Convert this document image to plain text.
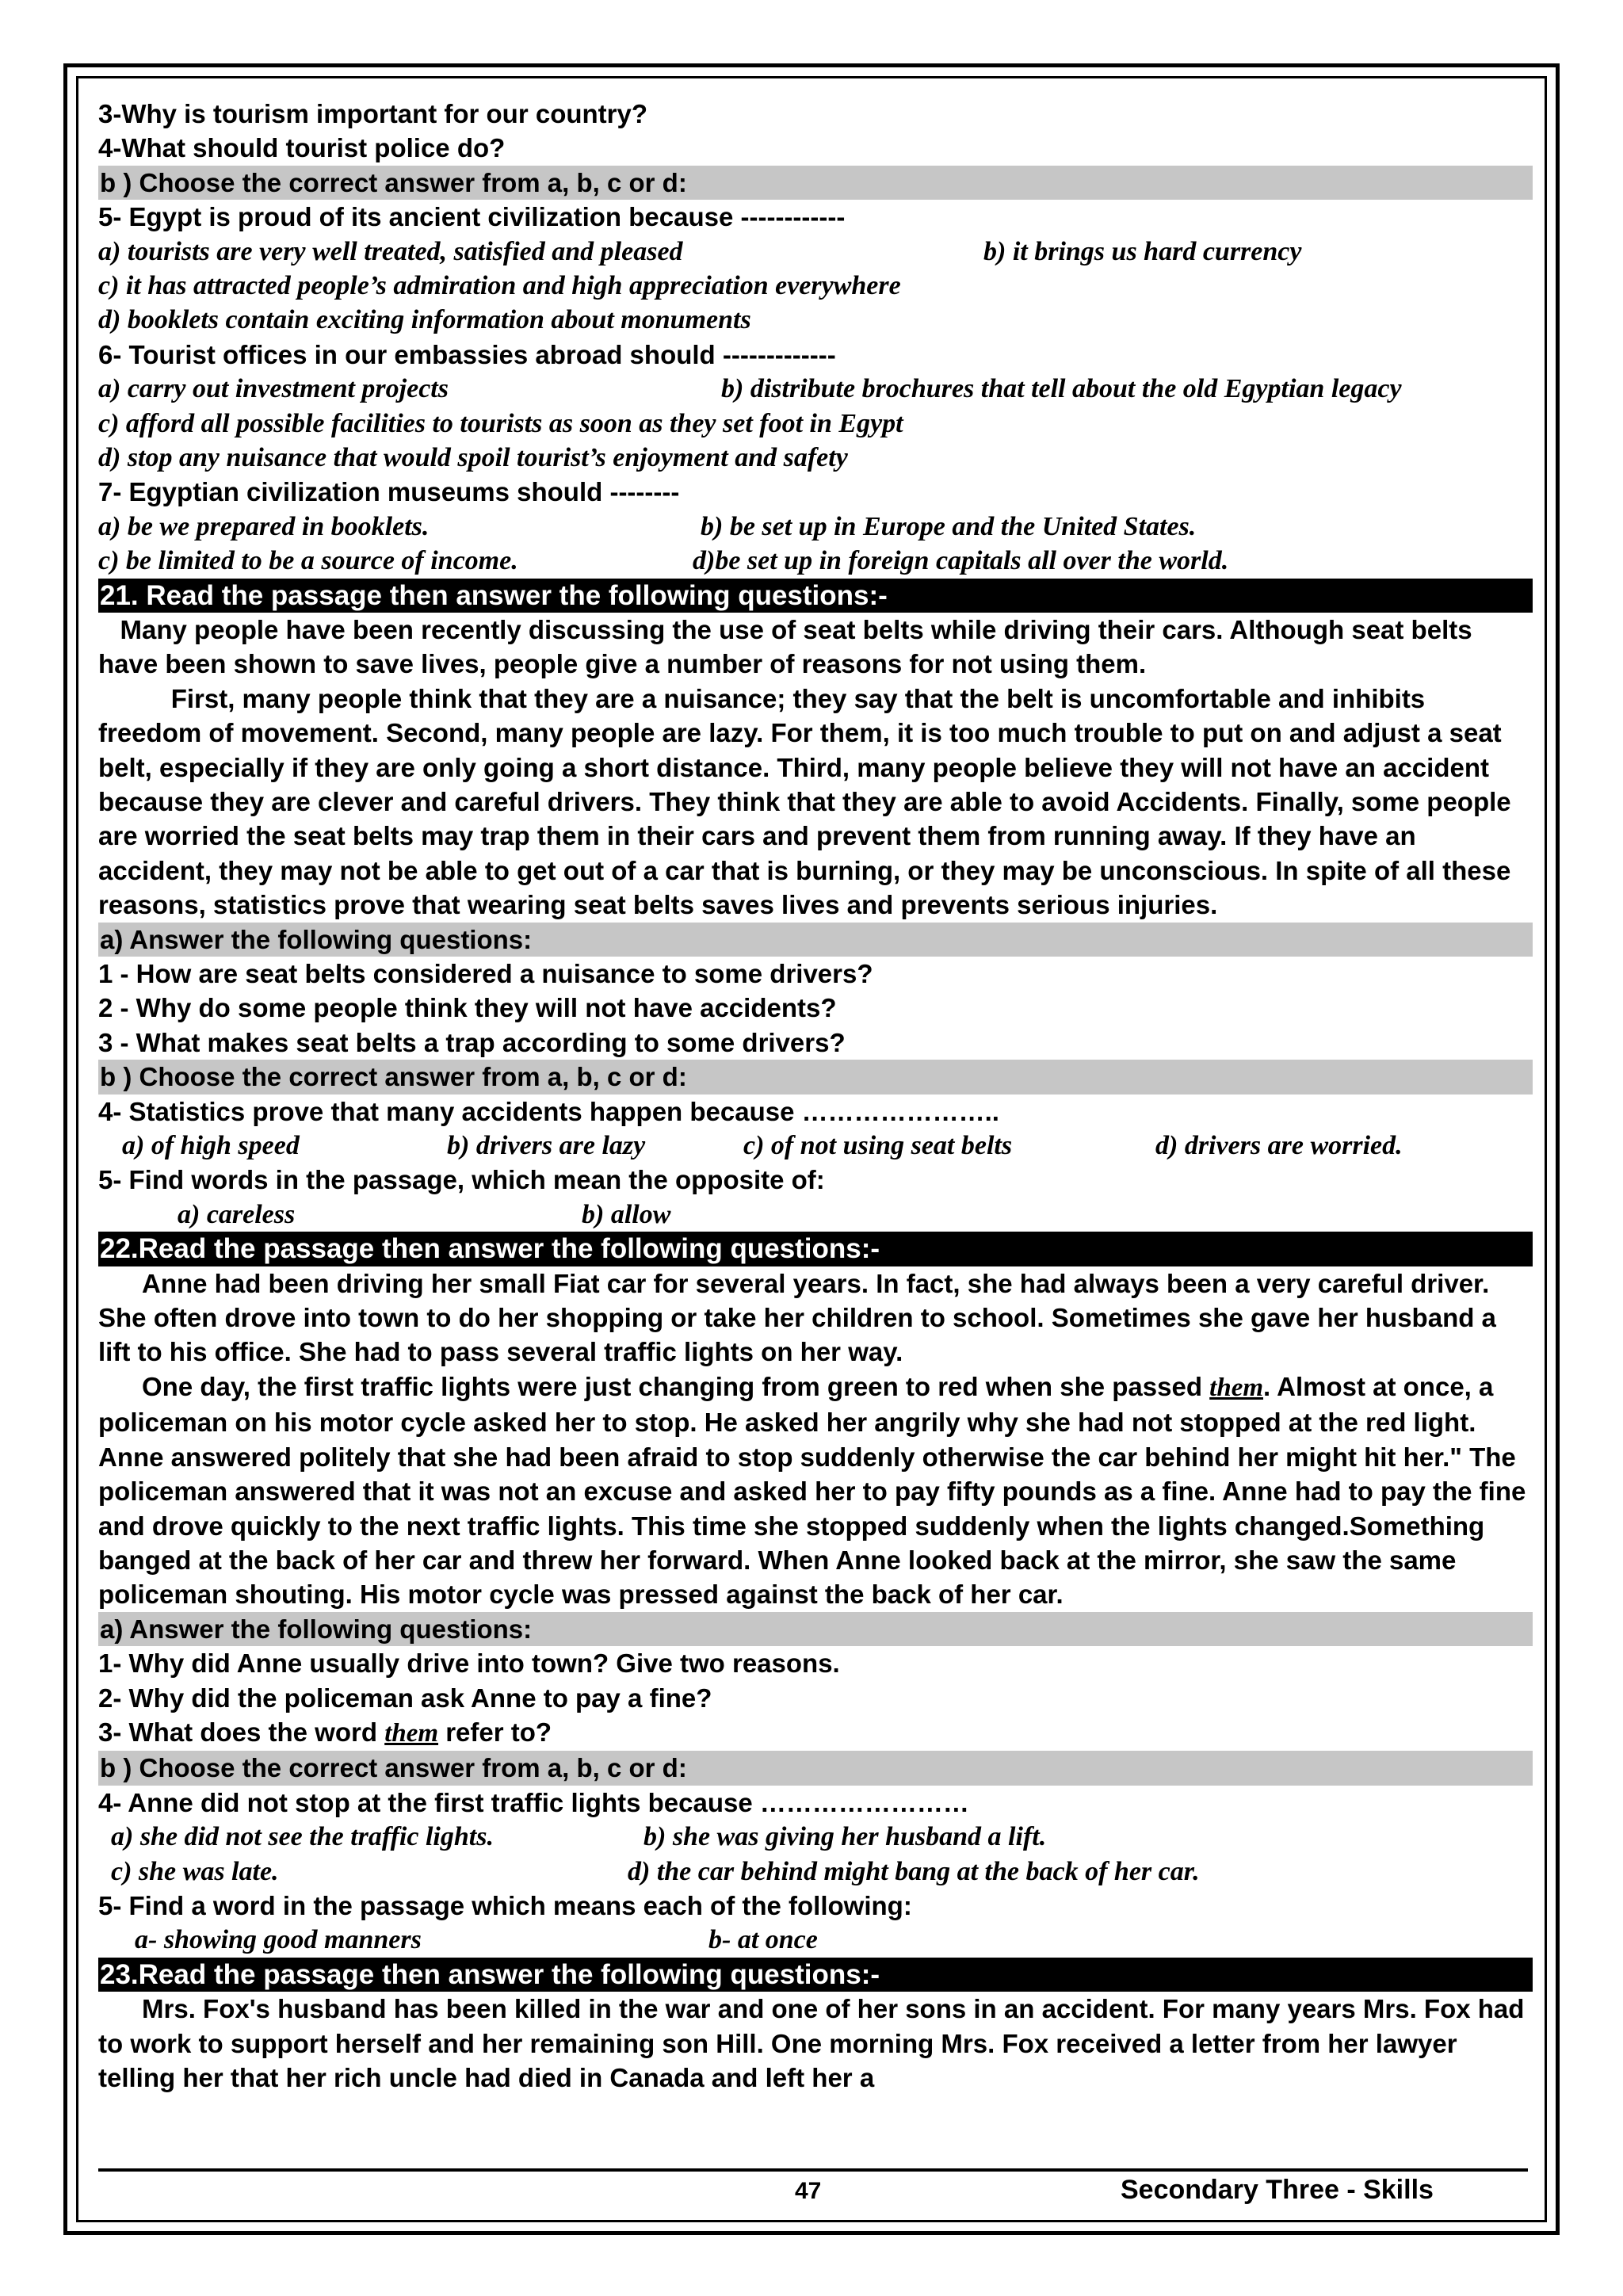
3-Why is tourism important for our country?

4-What should tourist police do?

b ) Choose the correct answer from a, b, c or d:

5- Egypt is proud of its ancient civilization because ------------

a) tourists are very well treated, satisfied and pleased	b) it brings us hard currency
c) it has attracted people’s admiration and high appreciation everywhere
d) booklets contain exciting information about monuments

6- Tourist offices in our embassies abroad should -------------

a) carry out investment projects	b) distribute brochures that tell about the old Egyptian legacy
c) afford all possible facilities to tourists as soon as they set foot in Egypt
d) stop any nuisance that would spoil tourist’s enjoyment and safety

7- Egyptian civilization museums should --------

a) be we prepared in booklets.	b) be set up in Europe and the United States.
c) be limited to be a source of income.	d)be set up in foreign capitals all over the world.
21. Read the passage then answer the following questions:-

Many people have been recently discussing the use of seat belts while driving their cars. Although seat belts have been shown to save lives, people give a number of reasons for not using them.

First, many people think that they are a nuisance; they say that the belt is uncomfortable and inhibits freedom of movement. Second, many people are lazy. For them, it is too much trouble to put on and adjust a seat belt, especially if they are only going a short distance. Third, many people believe they will not have an accident because they are clever and careful drivers. They think that they are able to avoid Accidents. Finally, some people are worried the seat belts may trap them in their cars and prevent them from running away. If they have an accident, they may not be able to get out of a car that is burning, or they may be unconscious. In spite of all these reasons, statistics prove that wearing seat belts saves lives and prevents serious injuries.

a) Answer the following questions:

1 - How are seat belts considered a nuisance to some drivers?

2 - Why do some people think they will not have accidents?

3 - What makes seat belts a trap according to some drivers?

b ) Choose the correct answer from a, b, c or d:

4- Statistics prove that many accidents happen because …………………..

a) of high speed	b) drivers are lazy	c) of not using seat belts	d) drivers are worried.

5- Find words in the passage, which mean the opposite of:

a) careless	b) allow
22.Read the passage then answer the following questions:-

Anne had been driving her small Fiat car for several years. In fact, she had always been a very careful driver. She often drove into town to do her shopping or take her children to school. Sometimes she gave her husband a lift to his office. She had to pass several traffic lights on her way.

One day, the first traffic lights were just changing from green to red when she passed them. Almost at once, a policeman on his motor cycle asked her to stop. He asked her angrily why she had not stopped at the red light. Anne answered politely that she had been afraid to stop suddenly otherwise the car behind her might hit her." The policeman answered that it was not an excuse and asked her to pay fifty pounds as a fine. Anne had to pay the fine and drove quickly to the next traffic lights. This time she stopped suddenly when the lights changed.Something banged at the back of her car and threw her forward. When Anne looked back at the mirror, she saw the same policeman shouting. His motor cycle was pressed against the back of her car.

a) Answer the following questions:

1- Why did Anne usually drive into town? Give two reasons.

2- Why did the policeman ask Anne to pay a fine?

3- What does the word them refer to?

b ) Choose the correct answer from a, b, c or d:

4- Anne did not stop at the first traffic lights because ……………………

a) she did not see the traffic lights.	b) she was giving her husband a lift.
c) she was late.	d) the car behind might bang at the back of her car.

5- Find a word in the passage which means each of the following:

a- showing good manners	b- at once
23.Read the passage then answer the following questions:-

Mrs. Fox's husband has been killed in the war and one of her sons in an accident. For many years Mrs. Fox had to work to support herself and her remaining son Hill. One morning Mrs. Fox received a letter from her lawyer telling her that her rich uncle had died in Canada and left her a

47	Secondary Three - Skills
